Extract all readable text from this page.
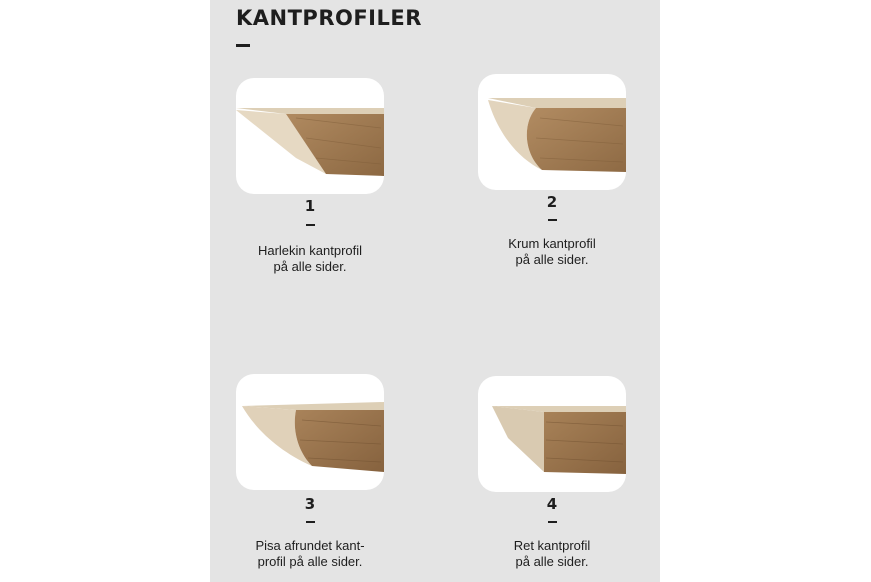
KANTPROFILER
1
Harlekin kantprofil
på alle sider.
2
Krum kantprofil
på alle sider.
3
Pisa afrundet kant-
profil på alle sider.
4
Ret kantprofil
på alle sider.
